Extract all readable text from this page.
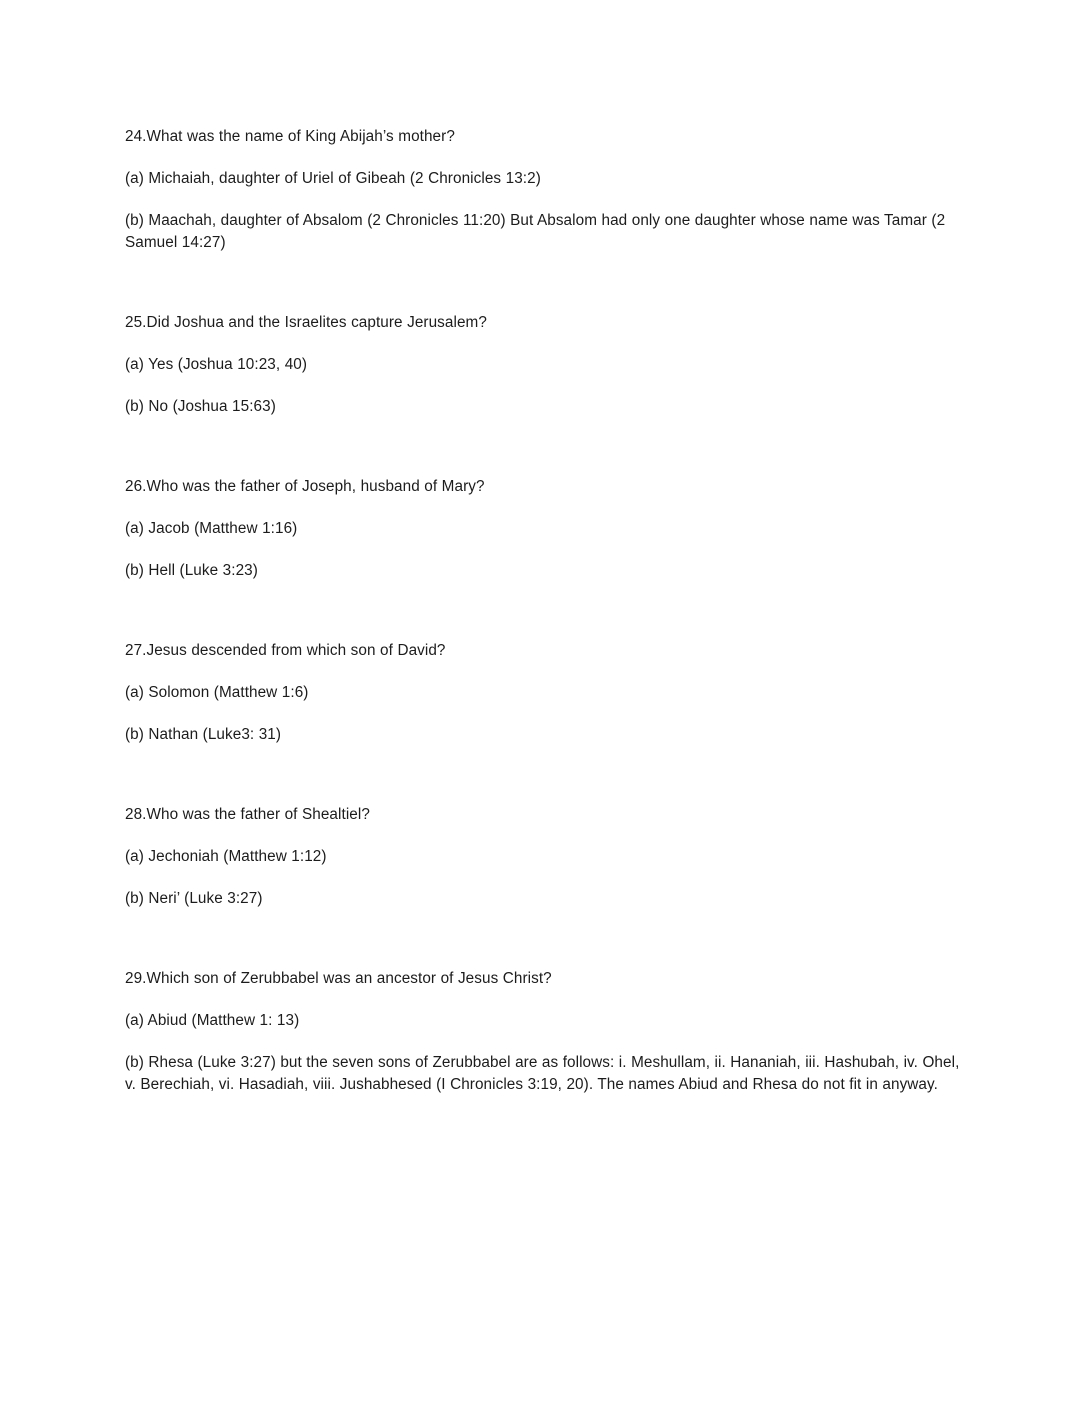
24.What was the name of King Abijah’s mother?

(a) Michaiah, daughter of Uriel of Gibeah (2 Chronicles 13:2)

(b) Maachah, daughter of Absalom (2 Chronicles 11:20) But Absalom had only one daughter whose name was Tamar (2 Samuel 14:27)

25.Did Joshua and the Israelites capture Jerusalem?

(a) Yes (Joshua 10:23, 40)

(b) No (Joshua 15:63)

26.Who was the father of Joseph, husband of Mary?

(a) Jacob (Matthew 1:16)

(b) Hell (Luke 3:23)

27.Jesus descended from which son of David?

(a) Solomon (Matthew 1:6)

(b) Nathan (Luke3: 31)

28.Who was the father of Shealtiel?

(a) Jechoniah (Matthew 1:12)

(b) Neri’ (Luke 3:27)

29.Which son of Zerubbabel was an ancestor of Jesus Christ?

(a) Abiud (Matthew 1: 13)

(b) Rhesa (Luke 3:27) but the seven sons of Zerubbabel are as follows: i. Meshullam, ii. Hananiah, iii. Hashubah, iv. Ohel, v. Berechiah, vi. Hasadiah, viii. Jushabhesed (I Chronicles 3:19, 20). The names Abiud and Rhesa do not fit in anyway.
